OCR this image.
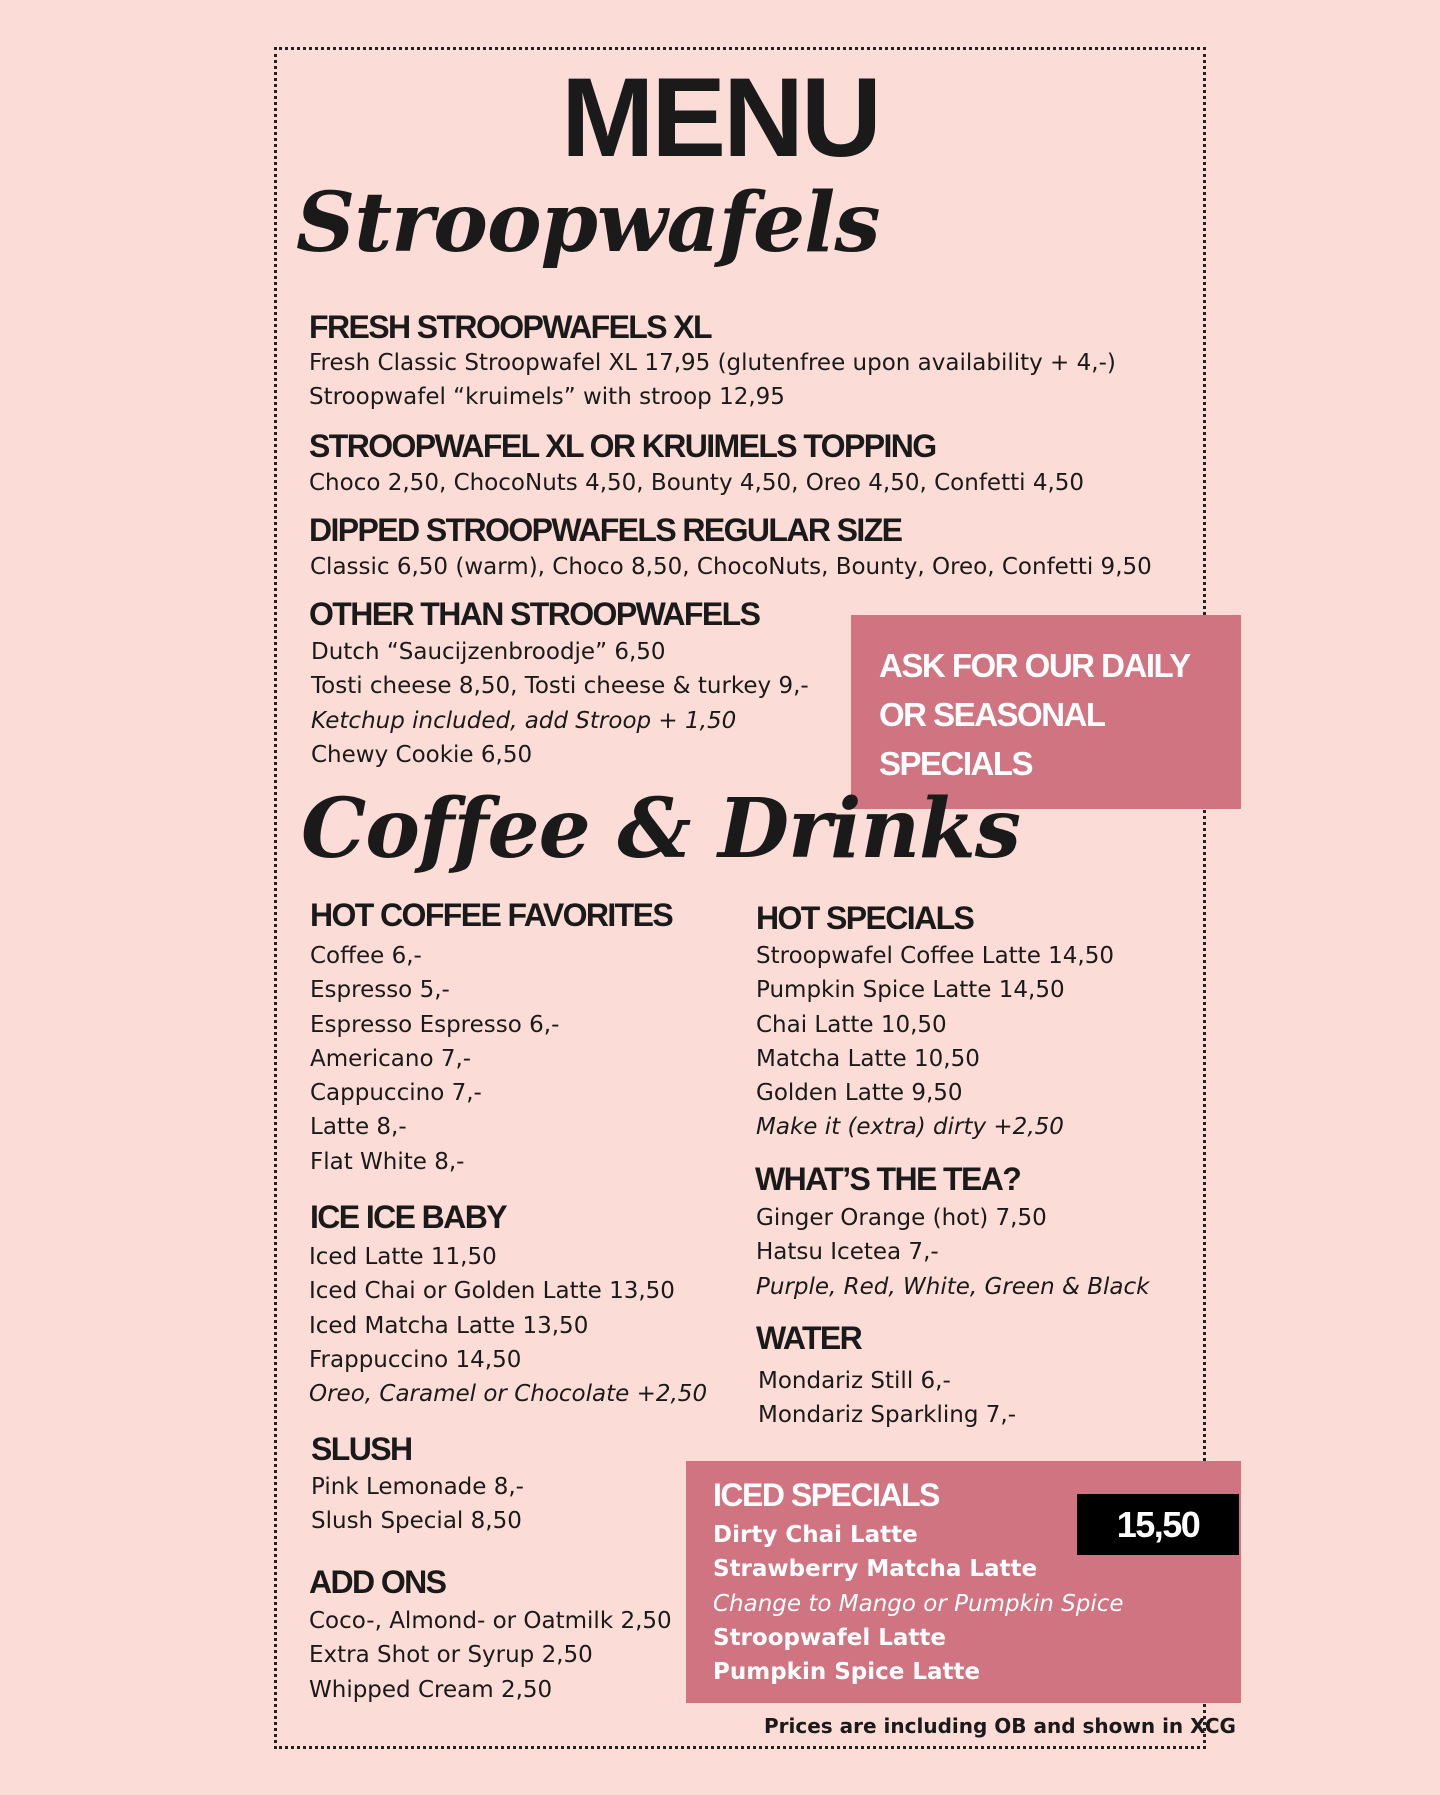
MENU
Stroopwafels
FRESH STROOPWAFELS XL
Fresh Classic Stroopwafel XL 17,95 (glutenfree upon availability + 4,-)
Stroopwafel “kruimels” with stroop 12,95
STROOPWAFEL XL OR KRUIMELS TOPPING
Choco 2,50, ChocoNuts 4,50, Bounty 4,50, Oreo 4,50, Confetti 4,50
DIPPED STROOPWAFELS REGULAR SIZE
Classic 6,50 (warm), Choco 8,50, ChocoNuts, Bounty, Oreo, Confetti 9,50
OTHER THAN STROOPWAFELS
Dutch “Saucijzenbroodje” 6,50
Tosti cheese 8,50, Tosti cheese & turkey 9,-
Ketchup included, add Stroop + 1,50
Chewy Cookie 6,50
ASK FOR OUR DAILY
OR SEASONAL
SPECIALS
Coffee & Drinks
HOT COFFEE FAVORITES
Coffee 6,-
Espresso 5,-
Espresso Espresso 6,-
Americano 7,-
Cappuccino 7,-
Latte 8,-
Flat White 8,-
ICE ICE BABY
Iced Latte 11,50
Iced Chai or Golden Latte 13,50
Iced Matcha Latte 13,50
Frappuccino 14,50
Oreo, Caramel or Chocolate +2,50
SLUSH
Pink Lemonade 8,-
Slush Special 8,50
ADD ONS
Coco-, Almond- or Oatmilk 2,50
Extra Shot or Syrup 2,50
Whipped Cream 2,50
HOT SPECIALS
Stroopwafel Coffee Latte 14,50
Pumpkin Spice Latte 14,50
Chai Latte 10,50
Matcha Latte 10,50
Golden Latte 9,50
Make it (extra) dirty +2,50
WHAT’S THE TEA?
Ginger Orange (hot) 7,50
Hatsu Icetea 7,-
Purple, Red, White, Green & Black
WATER
Mondariz Still 6,-
Mondariz Sparkling 7,-
ICED SPECIALS
Dirty Chai Latte
Strawberry Matcha Latte
Change to Mango or Pumpkin Spice
Stroopwafel Latte
Pumpkin Spice Latte
15,50
Prices are including OB and shown in XCG
